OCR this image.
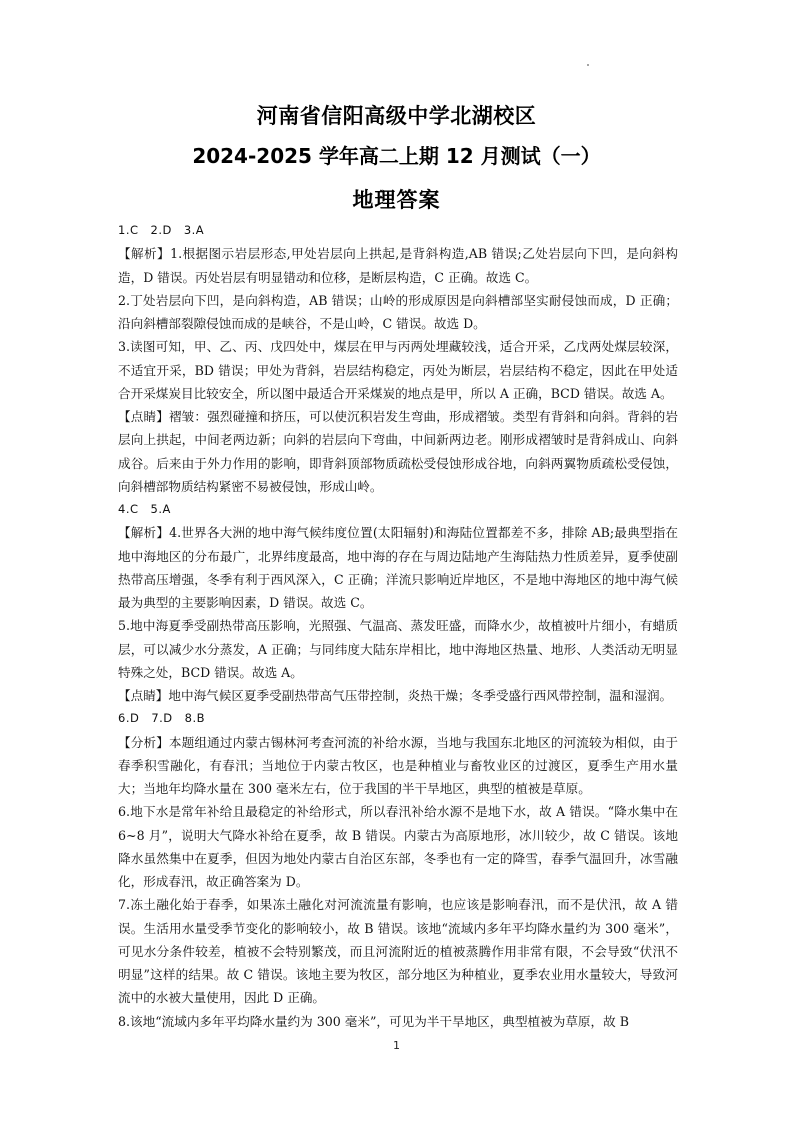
河南省信阳高级中学北湖校区
2024-2025 学年高二上期 12 月测试（一）
地理答案

1.C　2.D　3.A

【解析】1.根据图示岩层形态,甲处岩层向上拱起,是背斜构造,AB 错误;乙处岩层向下凹，是向斜构造，D 错误。丙处岩层有明显错动和位移，是断层构造，C 正确。故选 C。

2.丁处岩层向下凹，是向斜构造，AB 错误；山岭的形成原因是向斜槽部坚实耐侵蚀而成，D 正确；沿向斜槽部裂隙侵蚀而成的是峡谷，不是山岭，C 错误。故选 D。

3.读图可知，甲、乙、丙、戊四处中，煤层在甲与丙两处埋藏较浅，适合开采，乙戊两处煤层较深，不适宜开采，BD 错误；甲处为背斜，岩层结构稳定，丙处为断层，岩层结构不稳定，因此在甲处适合开采煤炭目比较安全，所以图中最适合开采煤炭的地点是甲，所以 A 正确，BCD 错误。故选 A。

【点睛】褶皱：强烈碰撞和挤压，可以使沉积岩发生弯曲，形成褶皱。类型有背斜和向斜。背斜的岩层向上拱起，中间老两边新；向斜的岩层向下弯曲，中间新两边老。刚形成褶皱时是背斜成山、向斜成谷。后来由于外力作用的影响，即背斜顶部物质疏松受侵蚀形成谷地，向斜两翼物质疏松受侵蚀，向斜槽部物质结构紧密不易被侵蚀，形成山岭。

4.C　5.A

【解析】4.世界各大洲的地中海气候纬度位置(太阳辐射)和海陆位置都差不多，排除 AB;最典型指在地中海地区的分布最广，北界纬度最高，地中海的存在与周边陆地产生海陆热力性质差异，夏季使副热带高压增强，冬季有利于西风深入，C 正确；洋流只影响近岸地区，不是地中海地区的地中海气候最为典型的主要影响因素，D 错误。故选 C。

5.地中海夏季受副热带高压影响，光照强、气温高、蒸发旺盛，而降水少，故植被叶片细小，有蜡质层，可以减少水分蒸发，A 正确；与同纬度大陆东岸相比，地中海地区热量、地形、人类活动无明显特殊之处，BCD 错误。故选 A。

【点睛】地中海气候区夏季受副热带高气压带控制，炎热干燥；冬季受盛行西风带控制，温和湿润。

6.D　7.D　8.B

【分析】本题组通过内蒙古锡林河考查河流的补给水源，当地与我国东北地区的河流较为相似，由于春季积雪融化，有春汛；当地位于内蒙古牧区，也是种植业与畜牧业区的过渡区，夏季生产用水量大；当地年均降水量在 300 毫米左右，位于我国的半干旱地区，典型的植被是草原。

6.地下水是常年补给且最稳定的补给形式，所以春汛补给水源不是地下水，故 A 错误。“降水集中在 6~8 月”，说明大气降水补给在夏季，故 B 错误。内蒙古为高原地形，冰川较少，故 C 错误。该地降水虽然集中在夏季，但因为地处内蒙古自治区东部，冬季也有一定的降雪，春季气温回升，冰雪融化，形成春汛，故正确答案为 D。

7.冻土融化始于春季，如果冻土融化对河流流量有影响，也应该是影响春汛，而不是伏汛，故 A 错误。生活用水量受季节变化的影响较小，故 B 错误。该地“流域内多年平均降水量约为 300 毫米”，可见水分条件较差，植被不会特别繁茂，而且河流附近的植被蒸腾作用非常有限，不会导致“伏汛不明显”这样的结果。故 C 错误。该地主要为牧区，部分地区为种植业，夏季农业用水量较大，导致河流中的水被大量使用，因此 D 正确。

8.该地“流域内多年平均降水量约为 300 毫米”，可见为半干旱地区，典型植被为草原，故 B

1
